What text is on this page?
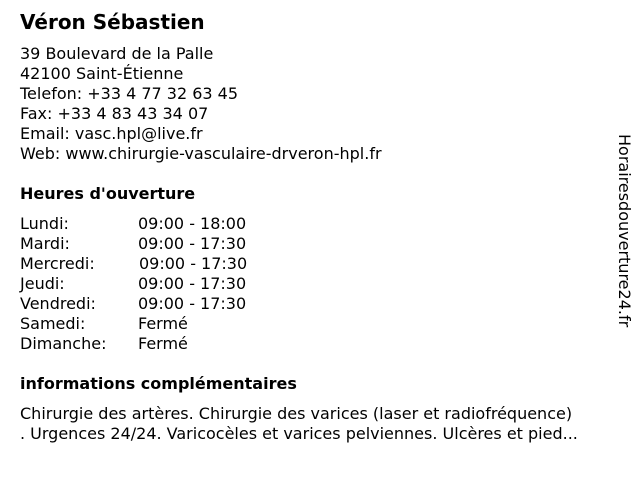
Véron Sébastien
39 Boulevard de la Palle
42100 Saint-Étienne
Telefon: +33 4 77 32 63 45
Fax: +33 4 83 43 34 07
Email: vasc.hpl@live.fr
Web: www.chirurgie-vasculaire-drveron-hpl.fr
Heures d'ouverture
Lundi:	09:00 - 18:00
Mardi:	09:00 - 17:30
Mercredi:	09:00 - 17:30
Jeudi:	09:00 - 17:30
Vendredi:	09:00 - 17:30
Samedi:	Fermé
Dimanche: Fermé
informations complémentaires
Chirurgie des artères. Chirurgie des varices (laser et radiofréquence)
. Urgences 24/24. Varicocèles et varices pelviennes. Ulcères et pied...
Horairesdouverture24.fr
